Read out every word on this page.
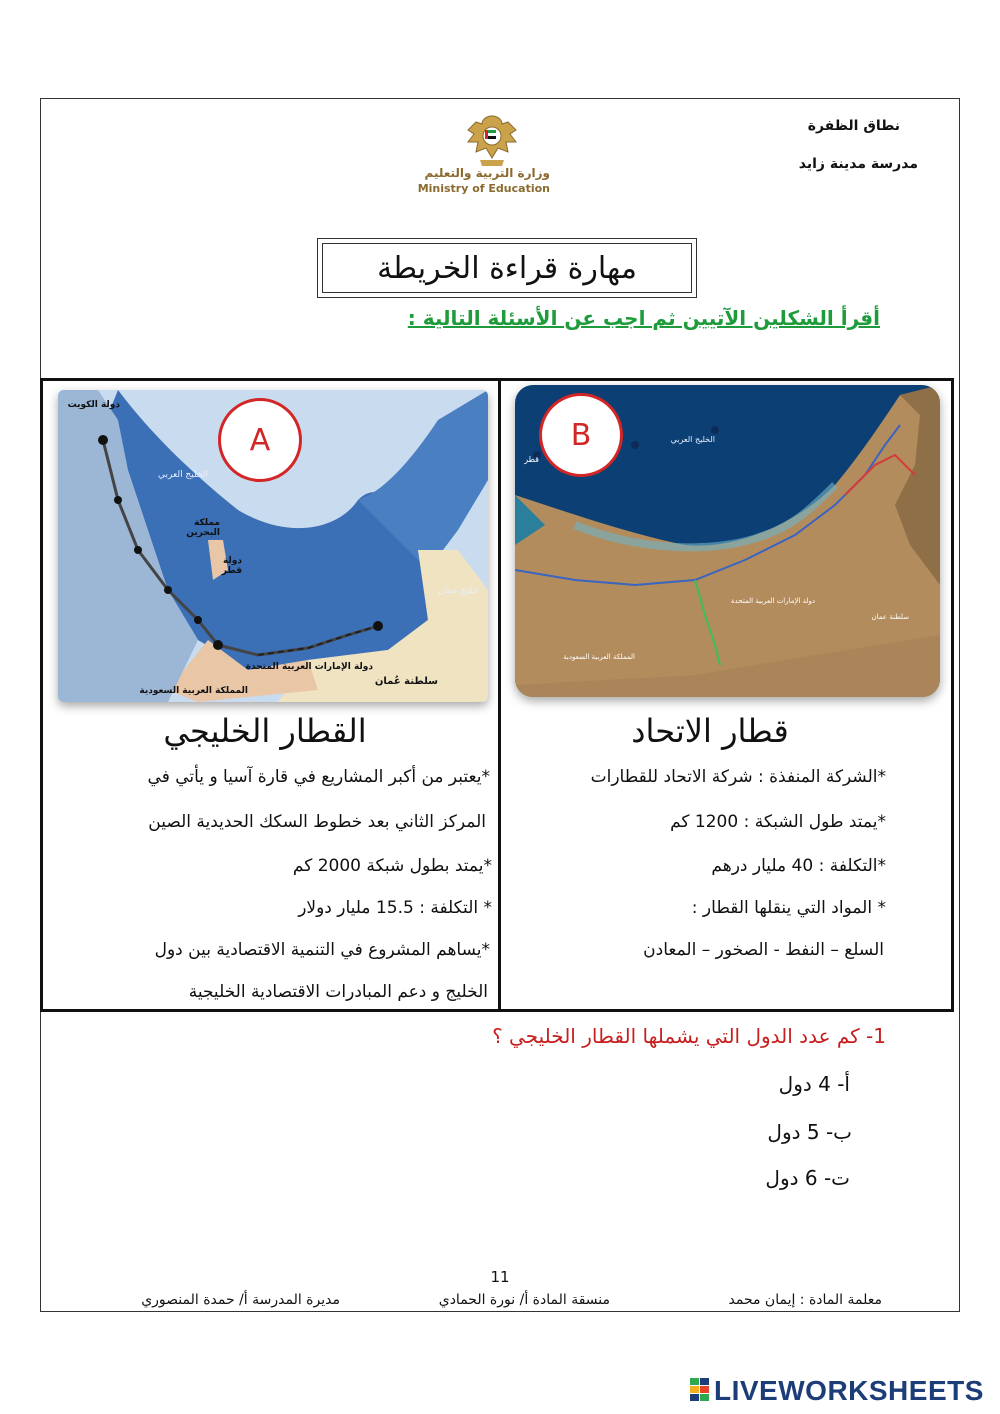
نطاق الظفرة
مدرسة مدينة زايد
وزارة التربية والتعليم
Ministry of Education
مهارة قراءة الخريطة
أقرأ الشكلين الآتيين ثم اجب عن الأسئلة التالية :
A
دولة الكويت
الخليج العربي
مملكة البحرين
دولة قطر
دولة الإمارات العربية المتحدة
سلطنة عُمان
خليج عمان
المملكة العربية السعودية
B	الخليج العربي
قطر
دولة الإمارات العربية المتحدة
سلطنة عمان
المملكة العربية السعودية
القطار الخليجي	قطار الاتحاد
*يعتبر من أكبر المشاريع في قارة آسيا و يأتي في
المركز الثاني بعد خطوط السكك الحديدية الصين
*يمتد بطول شبكة 2000 كم
* التكلفة : 15.5 مليار دولار
*يساهم المشروع في التنمية الاقتصادية بين دول
الخليج و دعم المبادرات الاقتصادية الخليجية
*الشركة المنفذة : شركة الاتحاد للقطارات
*يمتد طول الشبكة : 1200 كم
*التكلفة : 40 مليار درهم
* المواد التي ينقلها القطار :
السلع – النفط - الصخور – المعادن
1- كم عدد الدول التي يشملها القطار الخليجي ؟
أ- 4 دول
ب- 5 دول
ت- 6 دول
11
معلمة المادة : إيمان محمد
منسقة المادة أ/ نورة الحمادي
مديرة المدرسة أ/ حمدة المنصوري
LIVEWORKSHEETS
